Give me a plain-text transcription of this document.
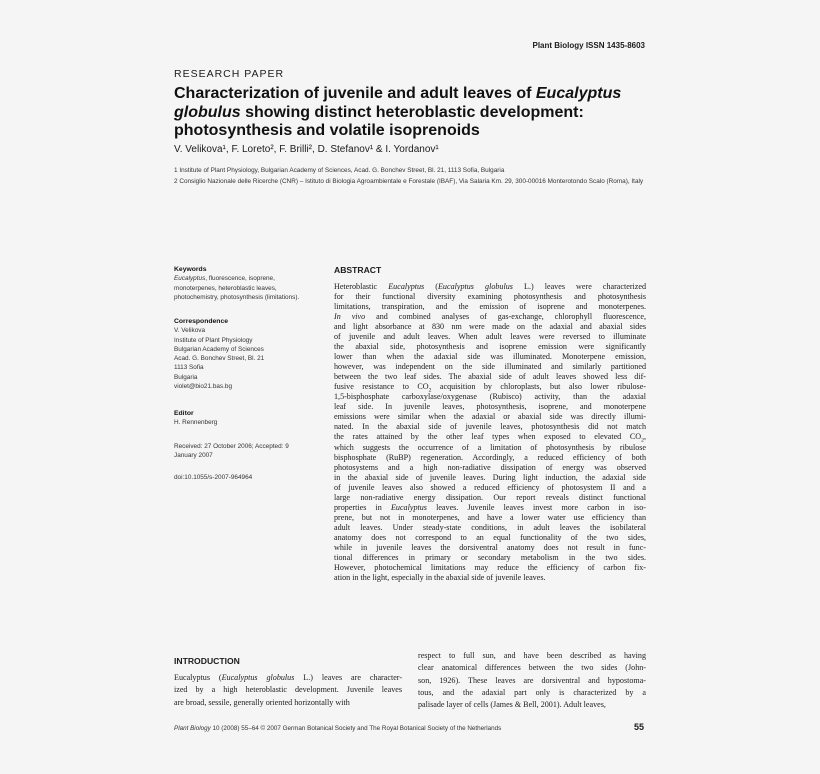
Plant Biology ISSN 1435-8603
RESEARCH PAPER
Characterization of juvenile and adult leaves of Eucalyptus globulus showing distinct heteroblastic development: photosynthesis and volatile isoprenoids
V. Velikova¹, F. Loreto², F. Brilli², D. Stefanov¹ & I. Yordanov¹
1 Institute of Plant Physiology, Bulgarian Academy of Sciences, Acad. G. Bonchev Street, Bl. 21, 1113 Sofia, Bulgaria
2 Consiglio Nazionale delle Ricerche (CNR) – Istituto di Biologia Agroambientale e Forestale (IBAF), Via Salaria Km. 29, 300-00016 Monterotondo Scalo (Roma), Italy
Keywords
Eucalyptus, fluorescence, isoprene,
monoterpenes, heteroblastic leaves,
photochemistry, photosynthesis (limitations).
Correspondence
V. Velikova
Institute of Plant Physiology
Bulgarian Academy of Sciences
Acad. G. Bonchev Street, Bl. 21
1113 Sofia
Bulgaria
violet@bio21.bas.bg
Editor
H. Rennenberg
Received: 27 October 2006; Accepted: 9
January 2007
doi:10.1055/s-2007-964964
ABSTRACT
Heteroblastic Eucalyptus (Eucalyptus globulus L.) leaves were characterized
for their functional diversity examining photosynthesis and photosynthesis
limitations, transpiration, and the emission of isoprene and monoterpenes.
In vivo and combined analyses of gas-exchange, chlorophyll fluorescence,
and light absorbance at 830 nm were made on the adaxial and abaxial sides
of juvenile and adult leaves. When adult leaves were reversed to illuminate
the abaxial side, photosynthesis and isoprene emission were significantly
lower than when the adaxial side was illuminated. Monoterpene emission,
however, was independent on the side illuminated and similarly partitioned
between the two leaf sides. The abaxial side of adult leaves showed less dif-
fusive resistance to $CO_2$ acquisition by chloroplasts, but also lower ribulose-
1,5-bisphosphate carboxylase/oxygenase (Rubisco) activity, than the adaxial
leaf side. In juvenile leaves, photosynthesis, isoprene, and monoterpene
emissions were similar when the adaxial or abaxial side was directly illumi-
nated. In the abaxial side of juvenile leaves, photosynthesis did not match
the rates attained by the other leaf types when exposed to elevated $CO_2$,
which suggests the occurrence of a limitation of photosynthesis by ribulose
bisphosphate (RuBP) regeneration. Accordingly, a reduced efficiency of both
photosystems and a high non-radiative dissipation of energy was observed
in the abaxial side of juvenile leaves. During light induction, the adaxial side
of juvenile leaves also showed a reduced efficiency of photosystem II and a
large non-radiative energy dissipation. Our report reveals distinct functional
properties in Eucalyptus leaves. Juvenile leaves invest more carbon in iso-
prene, but not in monoterpenes, and have a lower water use efficiency than
adult leaves. Under steady-state conditions, in adult leaves the isobilateral
anatomy does not correspond to an equal functionality of the two sides,
while in juvenile leaves the dorsiventral anatomy does not result in func-
tional differences in primary or secondary metabolism in the two sides.
However, photochemical limitations may reduce the efficiency of carbon fix-
ation in the light, especially in the abaxial side of juvenile leaves.
INTRODUCTION
Eucalyptus (Eucalyptus globulus L.) leaves are character-
ized by a high heteroblastic development. Juvenile leaves
are broad, sessile, generally oriented horizontally with
respect to full sun, and have been described as having
clear anatomical differences between the two sides (John-
son, 1926). These leaves are dorsiventral and hypostoma-
tous, and the adaxial part only is characterized by a
palisade layer of cells (James & Bell, 2001). Adult leaves,
Plant Biology 10 (2008) 55–64 © 2007 German Botanical Society and The Royal Botanical Society of the Netherlands	55
